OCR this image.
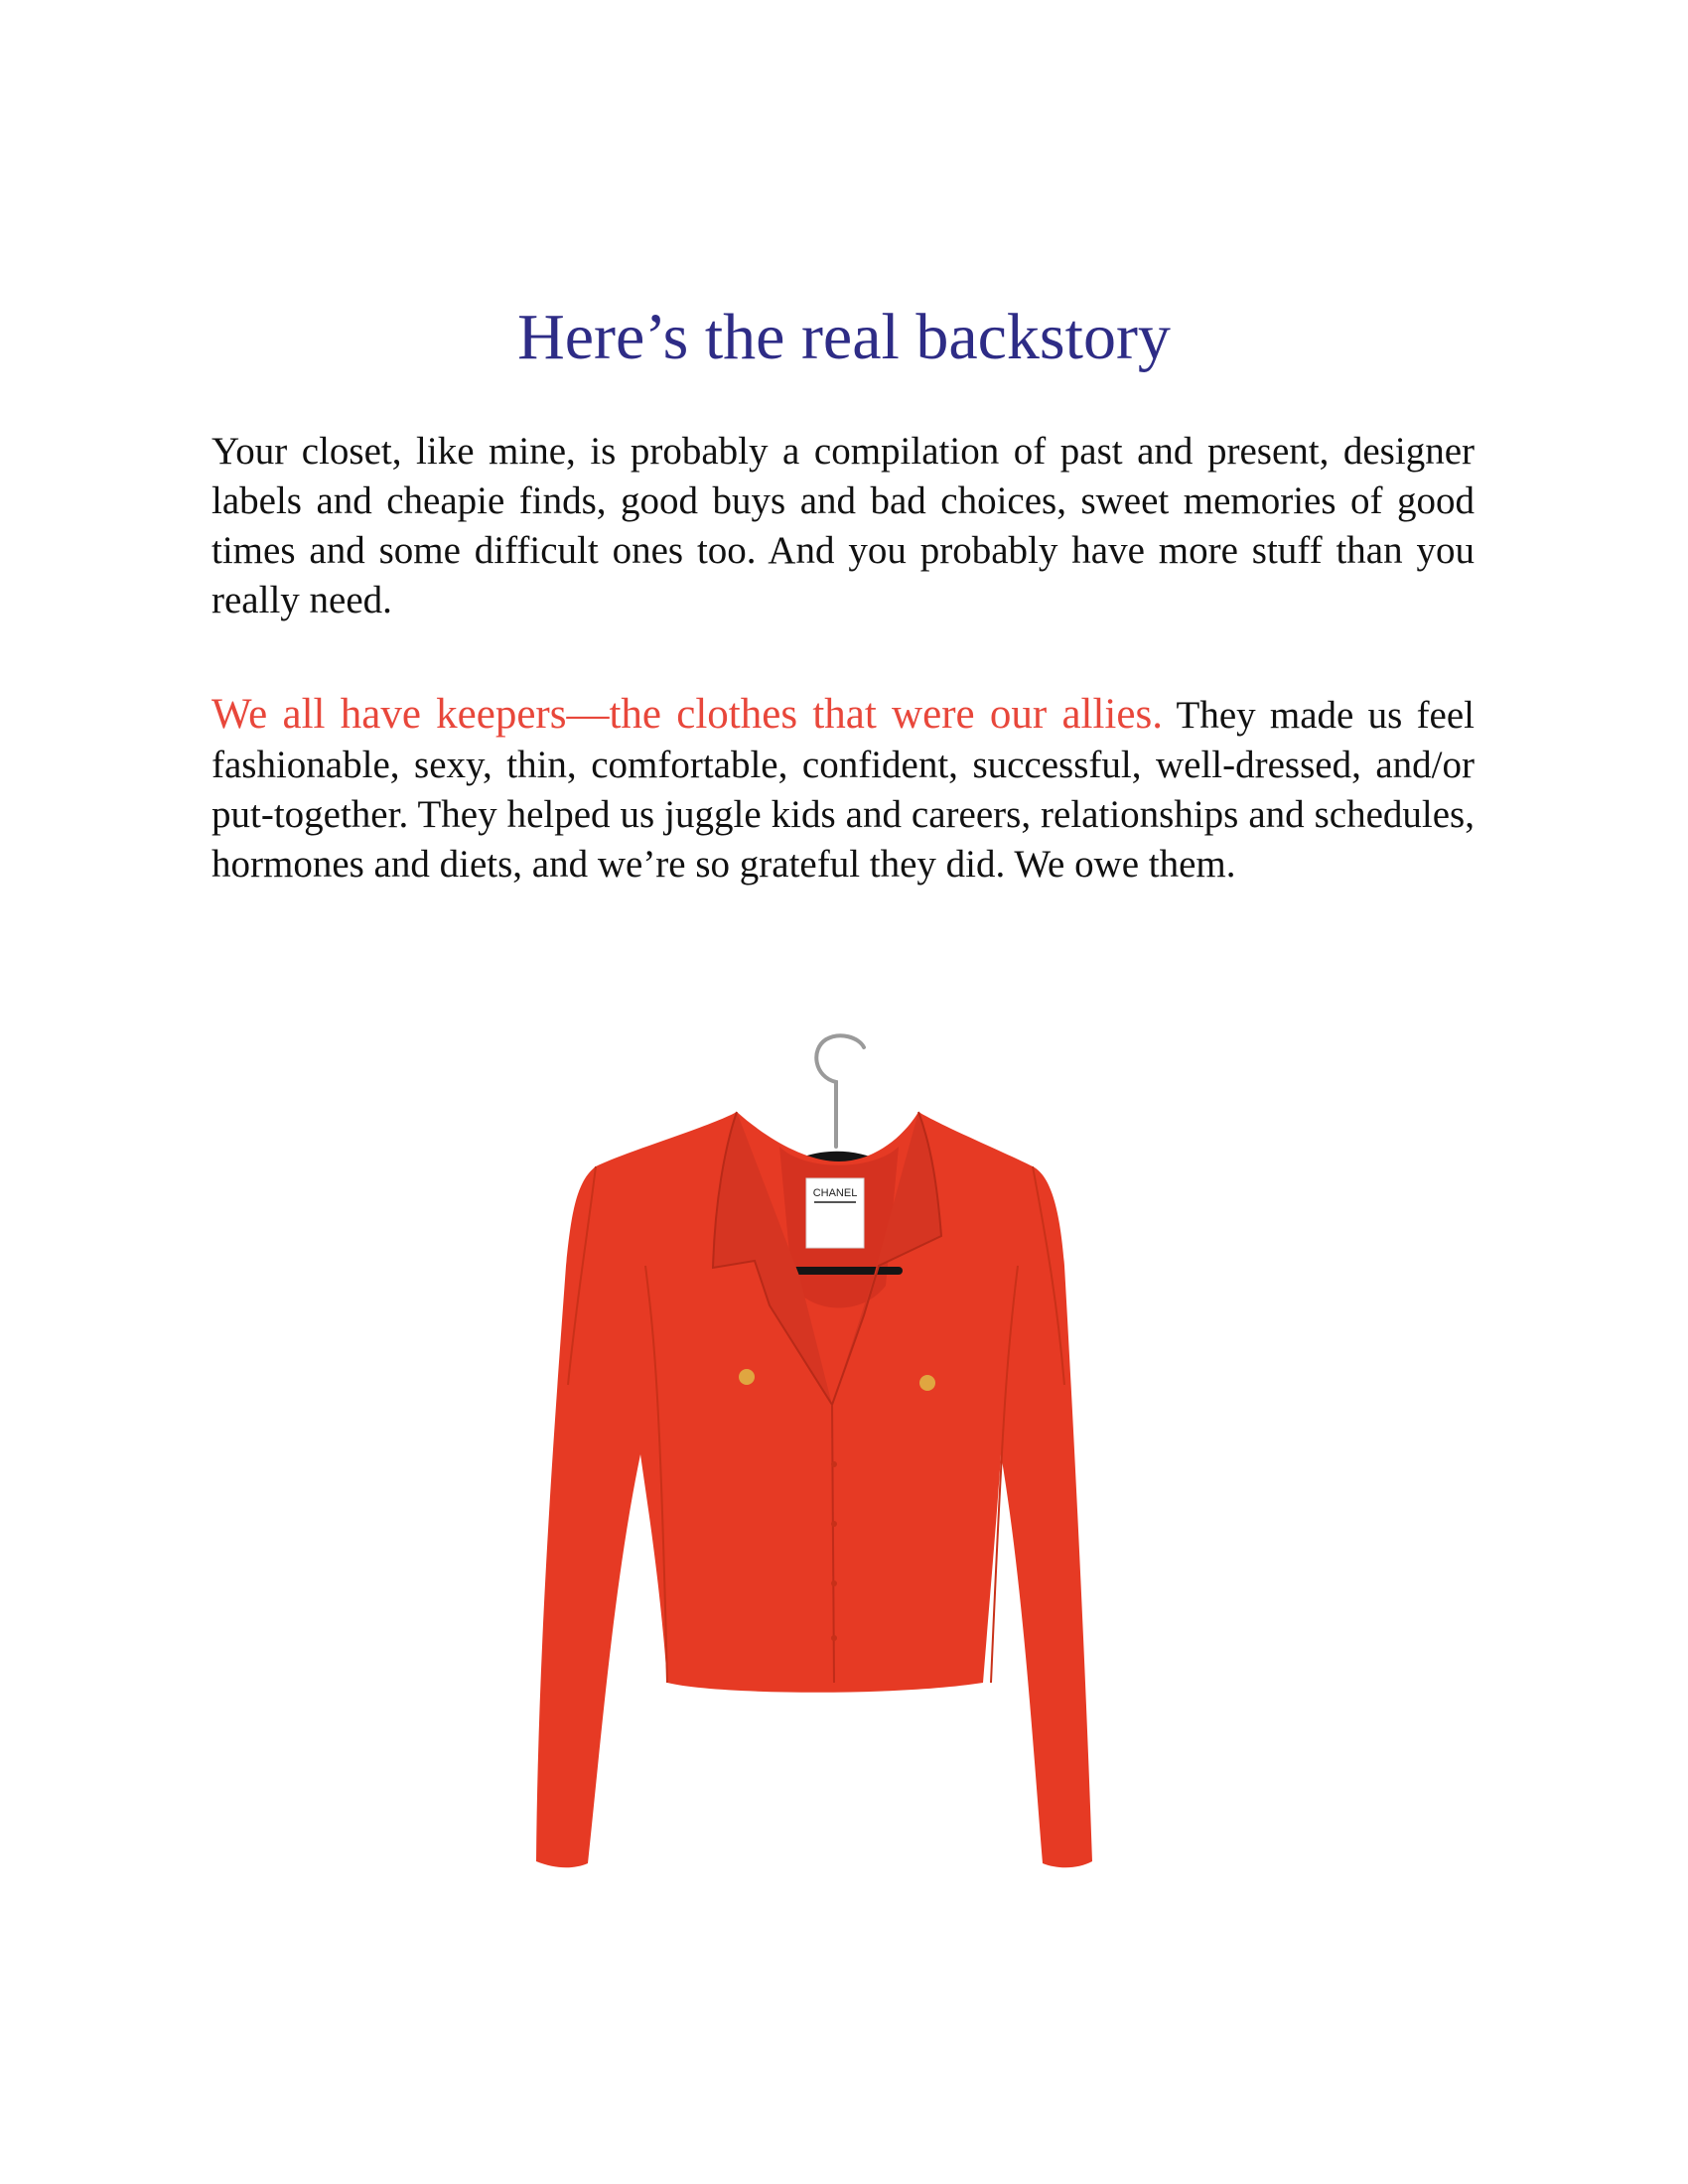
Here’s the real backstory

Your closet, like mine, is probably a compilation of past and present, designer labels and cheapie finds, good buys and bad choices, sweet memories of good times and some difficult ones too. And you probably have more stuff than you really need.

We all have keepers—the clothes that were our allies. They made us feel fashionable, sexy, thin, comfortable, confident, successful, well-dressed, and/or put-together. They helped us juggle kids and careers, relationships and schedules, hormones and diets, and we’re so grateful they did. We owe them.

CHANEL
